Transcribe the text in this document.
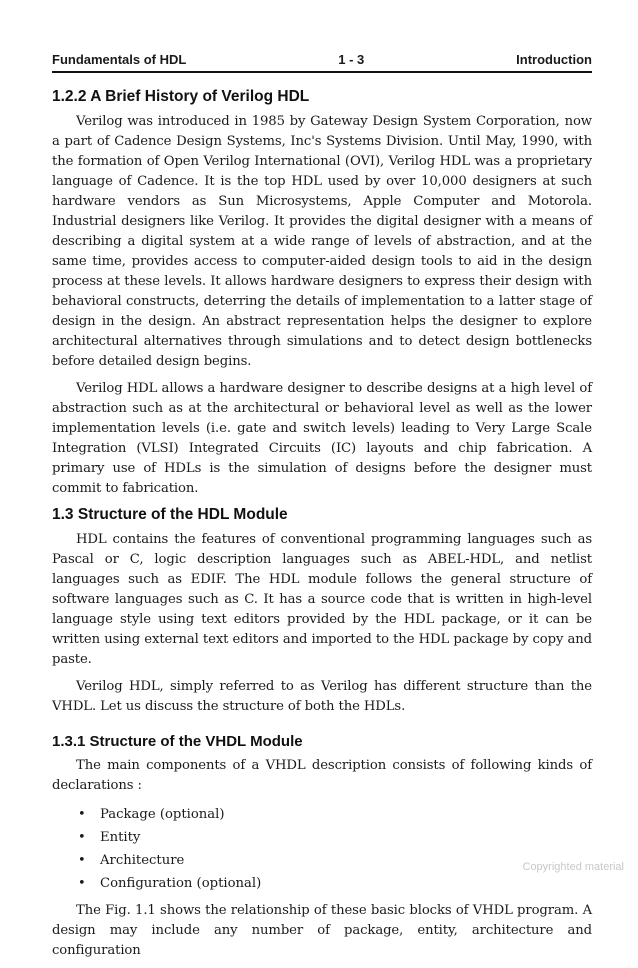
Fundamentals of HDL	1 - 3	Introduction
1.2.2 A Brief History of Verilog HDL

Verilog was introduced in 1985 by Gateway Design System Corporation, now a part of Cadence Design Systems, Inc's Systems Division. Until May, 1990, with the formation of Open Verilog International (OVI), Verilog HDL was a proprietary language of Cadence. It is the top HDL used by over 10,000 designers at such hardware vendors as Sun Microsystems, Apple Computer and Motorola. Industrial designers like Verilog. It provides the digital designer with a means of describing a digital system at a wide range of levels of abstraction, and at the same time, provides access to computer-aided design tools to aid in the design process at these levels. It allows hardware designers to express their design with behavioral constructs, deterring the details of implementation to a latter stage of design in the design. An abstract representation helps the designer to explore architectural alternatives through simulations and to detect design bottlenecks before detailed design begins.

Verilog HDL allows a hardware designer to describe designs at a high level of abstraction such as at the architectural or behavioral level as well as the lower implementation levels (i.e. gate and switch levels) leading to Very Large Scale Integration (VLSI) Integrated Circuits (IC) layouts and chip fabrication. A primary use of HDLs is the simulation of designs before the designer must commit to fabrication.

1.3 Structure of the HDL Module

HDL contains the features of conventional programming languages such as Pascal or C, logic description languages such as ABEL-HDL, and netlist languages such as EDIF. The HDL module follows the general structure of software languages such as C. It has a source code that is written in high-level language style using text editors provided by the HDL package, or it can be written using external text editors and imported to the HDL package by copy and paste.

Verilog HDL, simply referred to as Verilog has different structure than the VHDL. Let us discuss the structure of both the HDLs.

1.3.1 Structure of the VHDL Module

The main components of a VHDL description consists of following kinds of declarations :

• Package (optional)
• Entity
• Architecture
• Configuration (optional)

The Fig. 1.1 shows the relationship of these basic blocks of VHDL program. A design may include any number of package, entity, architecture and configuration

Copyrighted material
